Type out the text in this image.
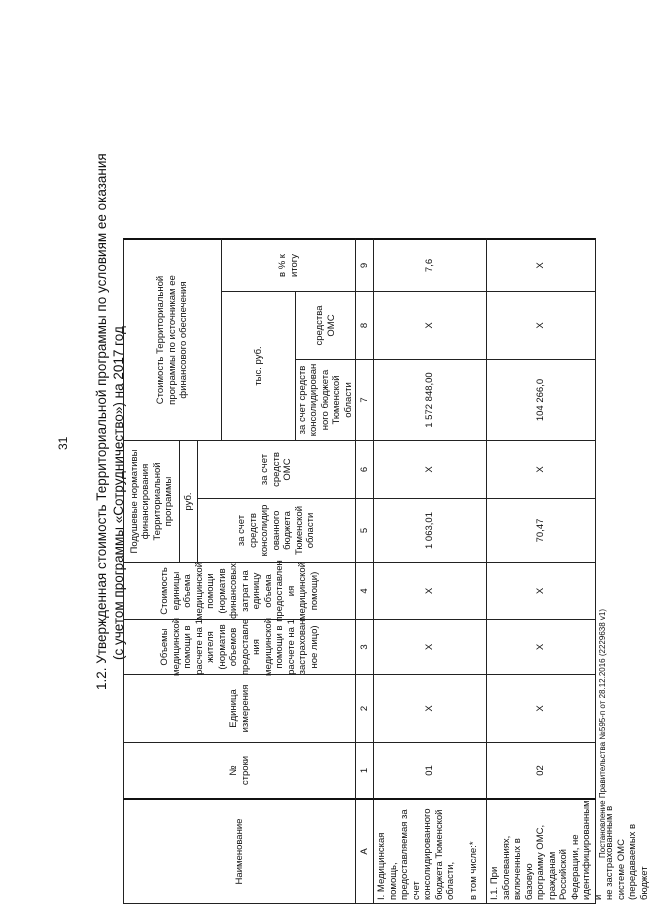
31 1.2. Утвержденная стоимость Территориальной программы по условиям ее оказания (с учетом программы «Сотрудничество») на 2017 год
Постановление Правительства №595-п от 28.12.2016 (2229638 v1)
Наименование
№
строки
Единица
измерения
Объемы
медицинской
помощи в
расчете на 1
жителя
(норматив
объемов
предоставле
ния
медицинской
помощи в
расчете на 1
застрахован
ное лицо)
Стоимость
единицы
объема
медицинской
помощи
(норматив
финансовых
затрат на
единицу
объема
предоставлен
ия
медицинской
помощи)
Подушевые нормативы
финансирования
Территориальной
программы руб.
за счет
средств
консолидир
ованного
бюджета
Тюменской
области
за счет
средств
ОМС
Стоимость Территориальной
программы по источникам ее
финансового обеспечения
тыс. руб.
за счет средств
консолидирован
ного бюджета
Тюменской
области
средства
ОМС
в % к
итогу
А
1
2
3
4
5
6
7
8
9
I. Медицинская помощь,
предоставляемая за счет
консолидированного
бюджета Тюменской
области,

в том числе:*
01
Х
Х
Х
1 063,01
Х
1 572 848,00
Х
7,6
I.1. При заболеваниях,
включенных в базовую
программу ОМС,
гражданам Российской
Федерации, не
идентифицированным и
не застрахованным в
системе ОМС
(передаваемых в бюджет
02
Х
Х
Х
70,47
Х
104 266,0
Х
Х
